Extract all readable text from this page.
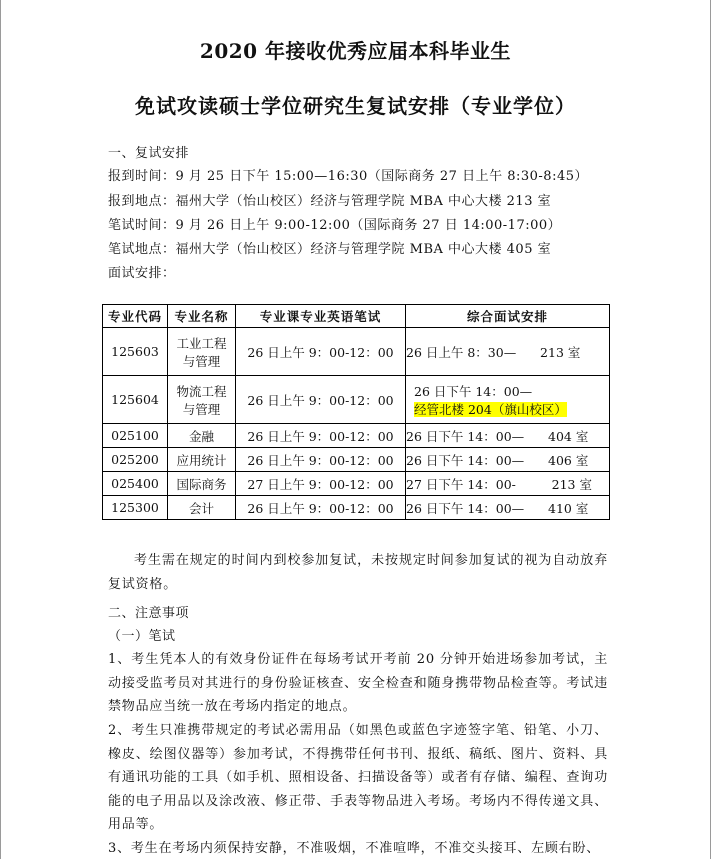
2020 年接收优秀应届本科毕业生
免试攻读硕士学位研究生复试安排（专业学位）
一、复试安排
报到时间：9 月 25 日下午 15:00—16:30（国际商务 27 日上午 8:30-8:45）
报到地点：福州大学（怡山校区）经济与管理学院 MBA 中心大楼 213 室
笔试时间：9 月 26 日上午 9:00-12:00（国际商务 27 日 14:00-17:00）
笔试地点：福州大学（怡山校区）经济与管理学院 MBA 中心大楼 405 室
面试安排：
专业代码	专业名称	专业课专业英语笔试	综合面试安排
125603	工业工程
与管理	26 日上午 9：00-12：00	26 日上午 8：30—      213 室
125604	物流工程
与管理	26 日上午 9：00-12：00	26 日下午 14：00—
经管北楼 204（旗山校区）
025100	金融	26 日上午 9：00-12：00	26 日下午 14：00—      404 室
025200	应用统计	26 日上午 9：00-12：00	26 日下午 14：00—      406 室
025400	国际商务	27 日上午 9：00-12：00	27 日下午 14：00-         213 室
125300	会计	26 日上午 9：00-12：00	26 日下午 14：00—      410 室
考生需在规定的时间内到校参加复试，未按规定时间参加复试的视为自动放弃复试资格。
二、注意事项
（一）笔试
1、考生凭本人的有效身份证件在每场考试开考前 20 分钟开始进场参加考试，主动接受监考员对其进行的身份验证核查、安全检查和随身携带物品检查等。考试违禁物品应当统一放在考场内指定的地点。
2、考生只准携带规定的考试必需用品（如黑色或蓝色字迹签字笔、铅笔、小刀、橡皮、绘图仪器等）参加考试，不得携带任何书刊、报纸、稿纸、图片、资料、具有通讯功能的工具（如手机、照相设备、扫描设备等）或者有存储、编程、查询功能的电子用品以及涂改液、修正带、手表等物品进入考场。考场内不得传递文具、用品等。
3、考生在考场内须保持安静，不准吸烟，不准喧哗，不准交头接耳、左顾右盼、
